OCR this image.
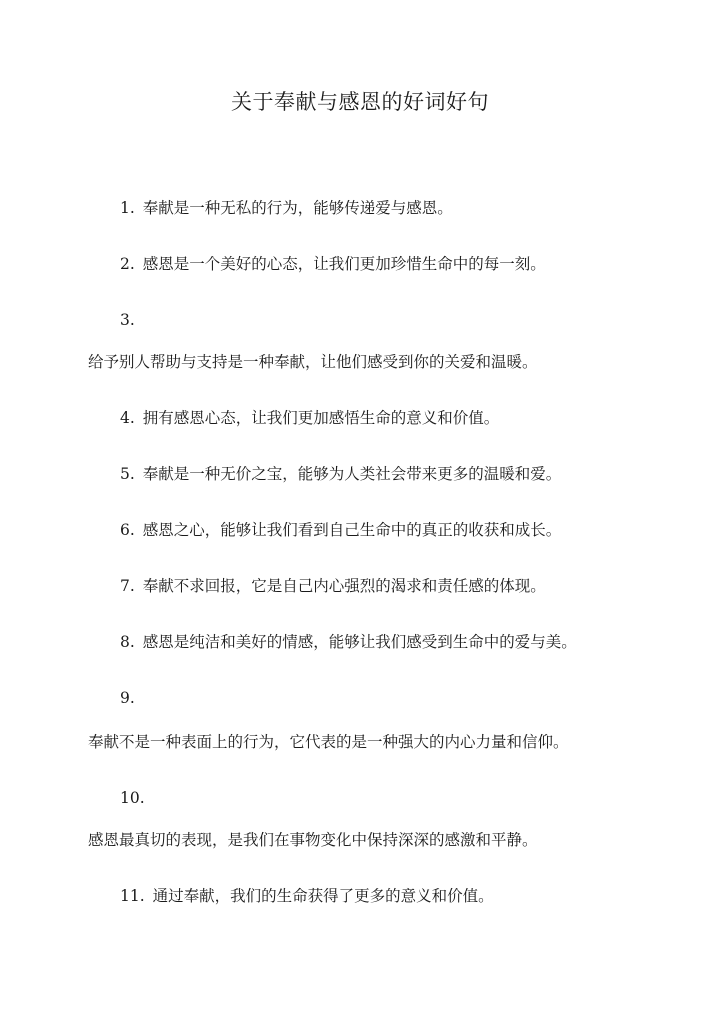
关于奉献与感恩的好词好句
1. 奉献是一种无私的行为，能够传递爱与感恩。
2. 感恩是一个美好的心态，让我们更加珍惜生命中的每一刻。
3.
给予别人帮助与支持是一种奉献，让他们感受到你的关爱和温暖。
4. 拥有感恩心态，让我们更加感悟生命的意义和价值。
5. 奉献是一种无价之宝，能够为人类社会带来更多的温暖和爱。
6. 感恩之心，能够让我们看到自己生命中的真正的收获和成长。
7. 奉献不求回报，它是自己内心强烈的渴求和责任感的体现。
8. 感恩是纯洁和美好的情感，能够让我们感受到生命中的爱与美。
9.
奉献不是一种表面上的行为，它代表的是一种强大的内心力量和信仰。
10.
感恩最真切的表现，是我们在事物变化中保持深深的感激和平静。
11. 通过奉献，我们的生命获得了更多的意义和价值。
